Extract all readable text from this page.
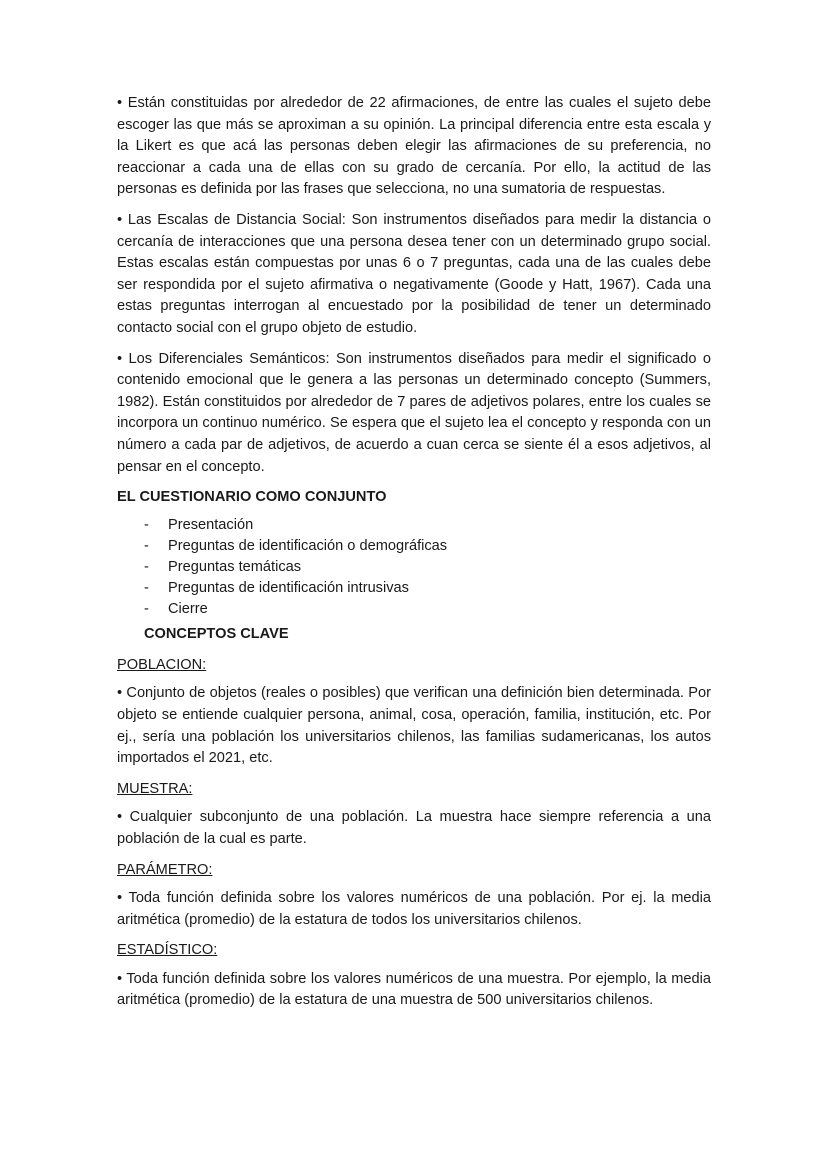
• Están constituidas por alrededor de 22 afirmaciones, de entre las cuales el sujeto debe escoger las que más se aproximan a su opinión. La principal diferencia entre esta escala y la Likert es que acá las personas deben elegir las afirmaciones de su preferencia, no reaccionar a cada una de ellas con su grado de cercanía. Por ello, la actitud de las personas es definida por las frases que selecciona, no una sumatoria de respuestas.

• Las Escalas de Distancia Social: Son instrumentos diseñados para medir la distancia o cercanía de interacciones que una persona desea tener con un determinado grupo social. Estas escalas están compuestas por unas 6 o 7 preguntas, cada una de las cuales debe ser respondida por el sujeto afirmativa o negativamente (Goode y Hatt, 1967). Cada una estas preguntas interrogan al encuestado por la posibilidad de tener un determinado contacto social con el grupo objeto de estudio.

• Los Diferenciales Semánticos: Son instrumentos diseñados para medir el significado o contenido emocional que le genera a las personas un determinado concepto (Summers, 1982). Están constituidos por alrededor de 7 pares de adjetivos polares, entre los cuales se incorpora un continuo numérico. Se espera que el sujeto lea el concepto y responda con un número a cada par de adjetivos, de acuerdo a cuan cerca se siente él a esos adjetivos, al pensar en el concepto.

EL CUESTIONARIO COMO CONJUNTO
- Presentación
- Preguntas de identificación o demográficas
- Preguntas temáticas
- Preguntas de identificación intrusivas
- Cierre
CONCEPTOS CLAVE
POBLACION:

• Conjunto de objetos (reales o posibles) que verifican una definición bien determinada. Por objeto se entiende cualquier persona, animal, cosa, operación, familia, institución, etc. Por ej., sería una población los universitarios chilenos, las familias sudamericanas, los autos importados el 2021, etc.

MUESTRA:

• Cualquier subconjunto de una población. La muestra hace siempre referencia a una población de la cual es parte.

PARÁMETRO:

• Toda función definida sobre los valores numéricos de una población. Por ej. la media aritmética (promedio) de la estatura de todos los universitarios chilenos.

ESTADÍSTICO:

• Toda función definida sobre los valores numéricos de una muestra. Por ejemplo, la media aritmética (promedio) de la estatura de una muestra de 500 universitarios chilenos.
